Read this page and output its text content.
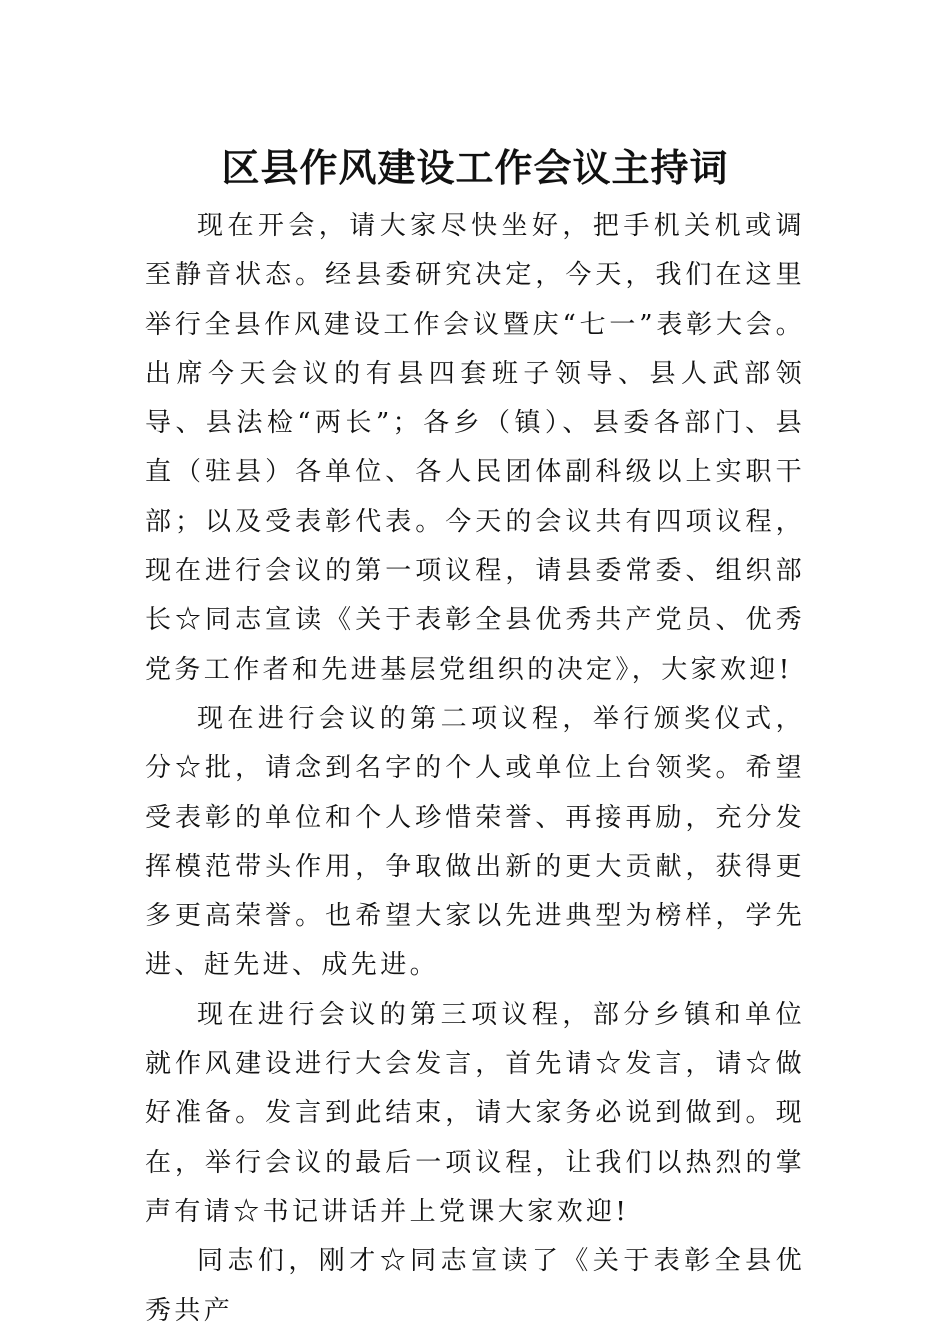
区县作风建设工作会议主持词

现在开会，请大家尽快坐好，把手机关机或调至静音状态。经县委研究决定，今天，我们在这里举行全县作风建设工作会议暨庆“七一”表彰大会。出席今天会议的有县四套班子领导、县人武部领导、县法检“两长”；各乡（镇）、县委各部门、县直（驻县）各单位、各人民团体副科级以上实职干部；以及受表彰代表。今天的会议共有四项议程，现在进行会议的第一项议程，请县委常委、组织部长☆同志宣读《关于表彰全县优秀共产党员、优秀党务工作者和先进基层党组织的决定》，大家欢迎!

现在进行会议的第二项议程，举行颁奖仪式，分☆批，请念到名字的个人或单位上台领奖。希望受表彰的单位和个人珍惜荣誉、再接再励，充分发挥模范带头作用，争取做出新的更大贡献，获得更多更高荣誉。也希望大家以先进典型为榜样，学先进、赶先进、成先进。

现在进行会议的第三项议程，部分乡镇和单位就作风建设进行大会发言，首先请☆发言，请☆做好准备。发言到此结束，请大家务必说到做到。现在，举行会议的最后一项议程，让我们以热烈的掌声有请☆书记讲话并上党课大家欢迎!

同志们，刚才☆同志宣读了《关于表彰全县优秀共产
